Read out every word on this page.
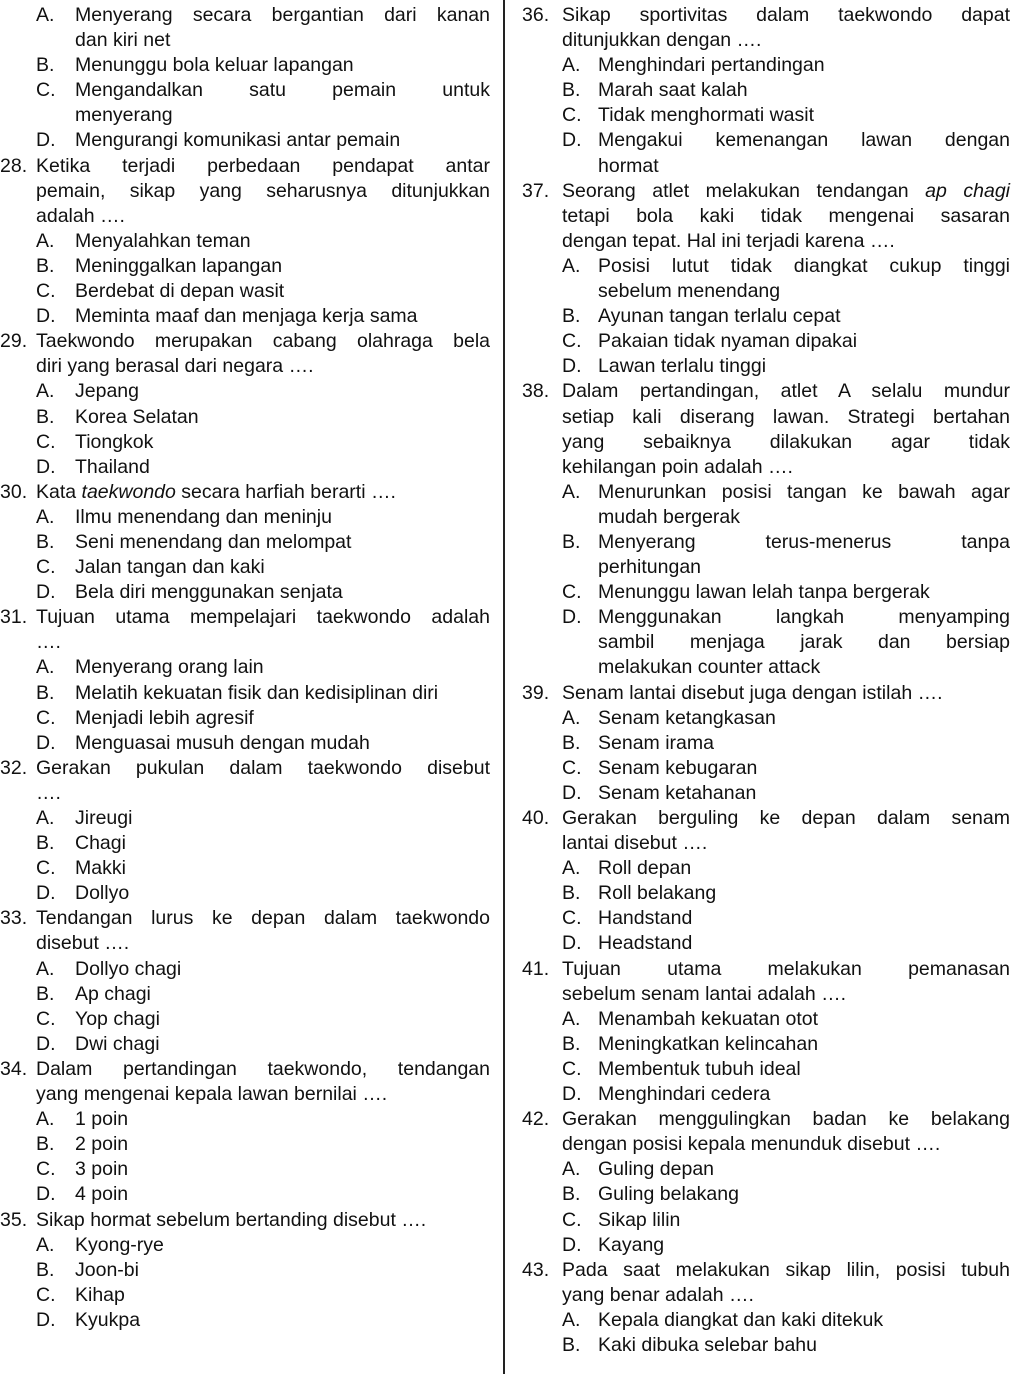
A.	Menyerang secara bergantian dari kanan
dan kiri net
B.	Menunggu bola keluar lapangan
C.	Mengandalkan satu pemain untuk
menyerang
D.	Mengurangi komunikasi antar pemain
28. Ketika terjadi perbedaan pendapat antar
pemain, sikap yang seharusnya ditunjukkan
adalah ….
A.	Menyalahkan teman
B.	Meninggalkan lapangan
C.	Berdebat di depan wasit
D.	Meminta maaf dan menjaga kerja sama
29. Taekwondo merupakan cabang olahraga bela
diri yang berasal dari negara ….
A.	Jepang
B.	Korea Selatan
C.	Tiongkok
D.	Thailand
30. Kata taekwondo secara harfiah berarti ….
A.	Ilmu menendang dan meninju
B.	Seni menendang dan melompat
C.	Jalan tangan dan kaki
D.	Bela diri menggunakan senjata
31. Tujuan utama mempelajari taekwondo adalah
….
A.	Menyerang orang lain
B.	Melatih kekuatan fisik dan kedisiplinan diri
C.	Menjadi lebih agresif
D.	Menguasai musuh dengan mudah
32. Gerakan pukulan dalam taekwondo disebut
….
A.	Jireugi
B.	Chagi
C.	Makki
D.	Dollyo
33. Tendangan lurus ke depan dalam taekwondo
disebut ….
A.	Dollyo chagi
B.	Ap chagi
C.	Yop chagi
D.	Dwi chagi
34. Dalam pertandingan taekwondo, tendangan
yang mengenai kepala lawan bernilai ….
A.	1 poin
B.	2 poin
C.	3 poin
D.	4 poin
35. Sikap hormat sebelum bertanding disebut ….
A.	Kyong-rye
B.	Joon-bi
C.	Kihap
D.	Kyukpa
36. Sikap sportivitas dalam taekwondo dapat
ditunjukkan dengan ….
A. Menghindari pertandingan
B. Marah saat kalah
C. Tidak menghormati wasit
D. Mengakui kemenangan lawan dengan
hormat
37. Seorang atlet melakukan tendangan ap chagi
tetapi bola kaki tidak mengenai sasaran
dengan tepat. Hal ini terjadi karena ….
A. Posisi lutut tidak diangkat cukup tinggi
sebelum menendang
B. Ayunan tangan terlalu cepat
C. Pakaian tidak nyaman dipakai
D. Lawan terlalu tinggi
38. Dalam pertandingan, atlet A selalu mundur
setiap kali diserang lawan. Strategi bertahan
yang sebaiknya dilakukan agar tidak
kehilangan poin adalah ….
A. Menurunkan posisi tangan ke bawah agar
mudah bergerak
B. Menyerang terus-menerus tanpa
perhitungan
C. Menunggu lawan lelah tanpa bergerak
D. Menggunakan langkah menyamping
sambil menjaga jarak dan bersiap
melakukan counter attack
39. Senam lantai disebut juga dengan istilah ….
A. Senam ketangkasan
B. Senam irama
C. Senam kebugaran
D. Senam ketahanan
40. Gerakan berguling ke depan dalam senam
lantai disebut ….
A. Roll depan
B. Roll belakang
C. Handstand
D. Headstand
41. Tujuan utama melakukan pemanasan
sebelum senam lantai adalah ….
A. Menambah kekuatan otot
B. Meningkatkan kelincahan
C. Membentuk tubuh ideal
D. Menghindari cedera
42. Gerakan menggulingkan badan ke belakang
dengan posisi kepala menunduk disebut ….
A. Guling depan
B. Guling belakang
C. Sikap lilin
D. Kayang
43. Pada saat melakukan sikap lilin, posisi tubuh
yang benar adalah ….
A. Kepala diangkat dan kaki ditekuk
B. Kaki dibuka selebar bahu
